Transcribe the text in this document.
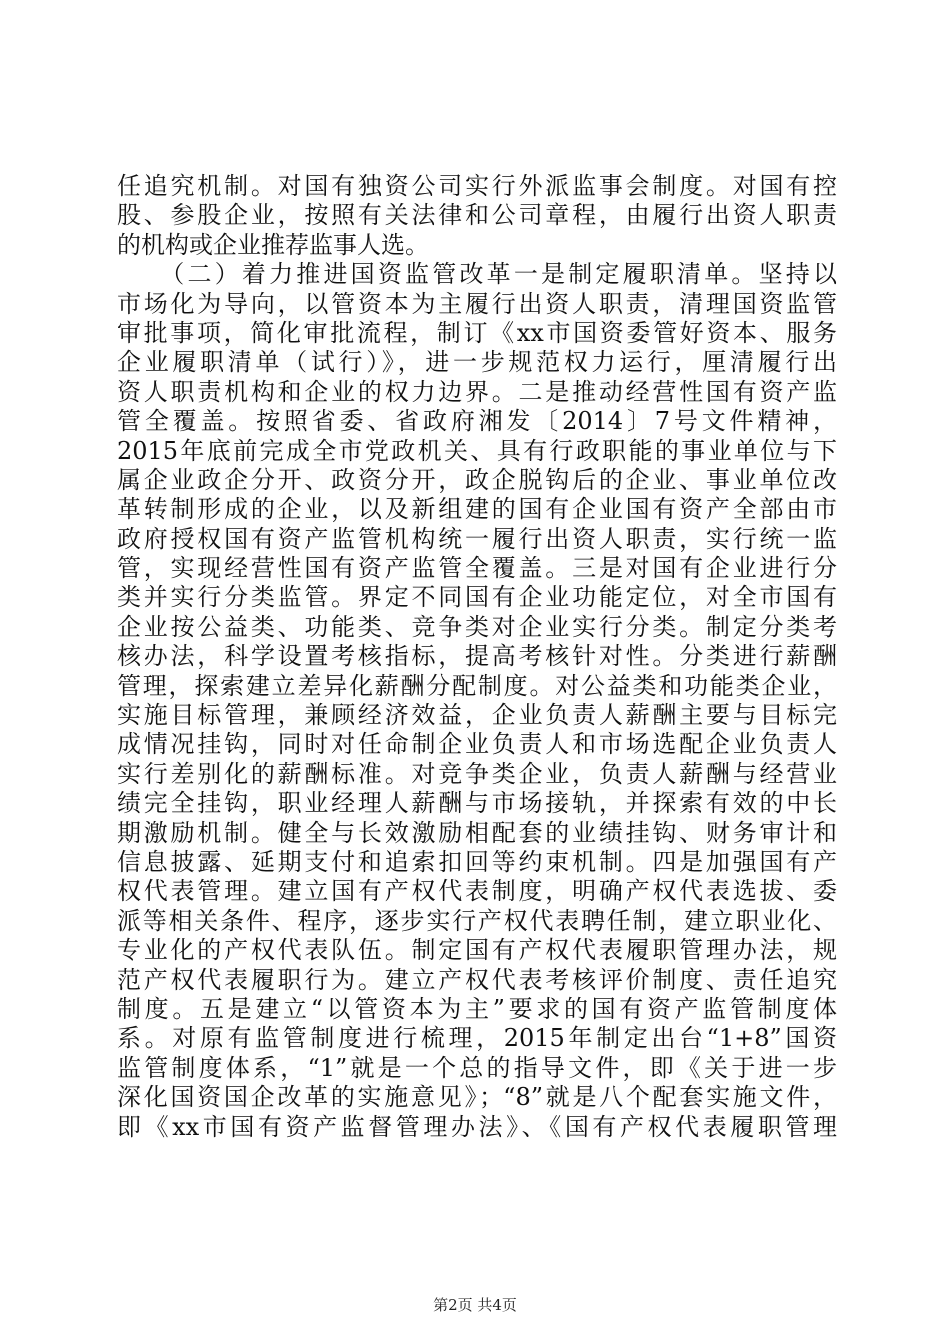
任追究机制。对国有独资公司实行外派监事会制度。对国有控
股、参股企业，按照有关法律和公司章程，由履行出资人职责
的机构或企业推荐监事人选。
（二）着力推进国资监管改革一是制定履职清单。坚持以
市场化为导向，以管资本为主履行出资人职责，清理国资监管
审批事项，简化审批流程，制订《xx市国资委管好资本、服务
企业履职清单（试行）》，进一步规范权力运行，厘清履行出
资人职责机构和企业的权力边界。二是推动经营性国有资产监
管全覆盖。按照省委、省政府湘发〔2014〕7号文件精神，
2015年底前完成全市党政机关、具有行政职能的事业单位与下
属企业政企分开、政资分开，政企脱钩后的企业、事业单位改
革转制形成的企业，以及新组建的国有企业国有资产全部由市
政府授权国有资产监管机构统一履行出资人职责，实行统一监
管，实现经营性国有资产监管全覆盖。三是对国有企业进行分
类并实行分类监管。界定不同国有企业功能定位，对全市国有
企业按公益类、功能类、竞争类对企业实行分类。制定分类考
核办法，科学设置考核指标，提高考核针对性。分类进行薪酬
管理，探索建立差异化薪酬分配制度。对公益类和功能类企业，
实施目标管理，兼顾经济效益，企业负责人薪酬主要与目标完
成情况挂钩，同时对任命制企业负责人和市场选配企业负责人
实行差别化的薪酬标准。对竞争类企业，负责人薪酬与经营业
绩完全挂钩，职业经理人薪酬与市场接轨，并探索有效的中长
期激励机制。健全与长效激励相配套的业绩挂钩、财务审计和
信息披露、延期支付和追索扣回等约束机制。四是加强国有产
权代表管理。建立国有产权代表制度，明确产权代表选拔、委
派等相关条件、程序，逐步实行产权代表聘任制，建立职业化、
专业化的产权代表队伍。制定国有产权代表履职管理办法，规
范产权代表履职行为。建立产权代表考核评价制度、责任追究
制度。五是建立“以管资本为主”要求的国有资产监管制度体
系。对原有监管制度进行梳理，2015年制定出台“1+8”国资
监管制度体系，“1”就是一个总的指导文件，即《关于进一步
深化国资国企改革的实施意见》；“8”就是八个配套实施文件，
即《xx市国有资产监督管理办法》、《国有产权代表履职管理
第2页 共4页
